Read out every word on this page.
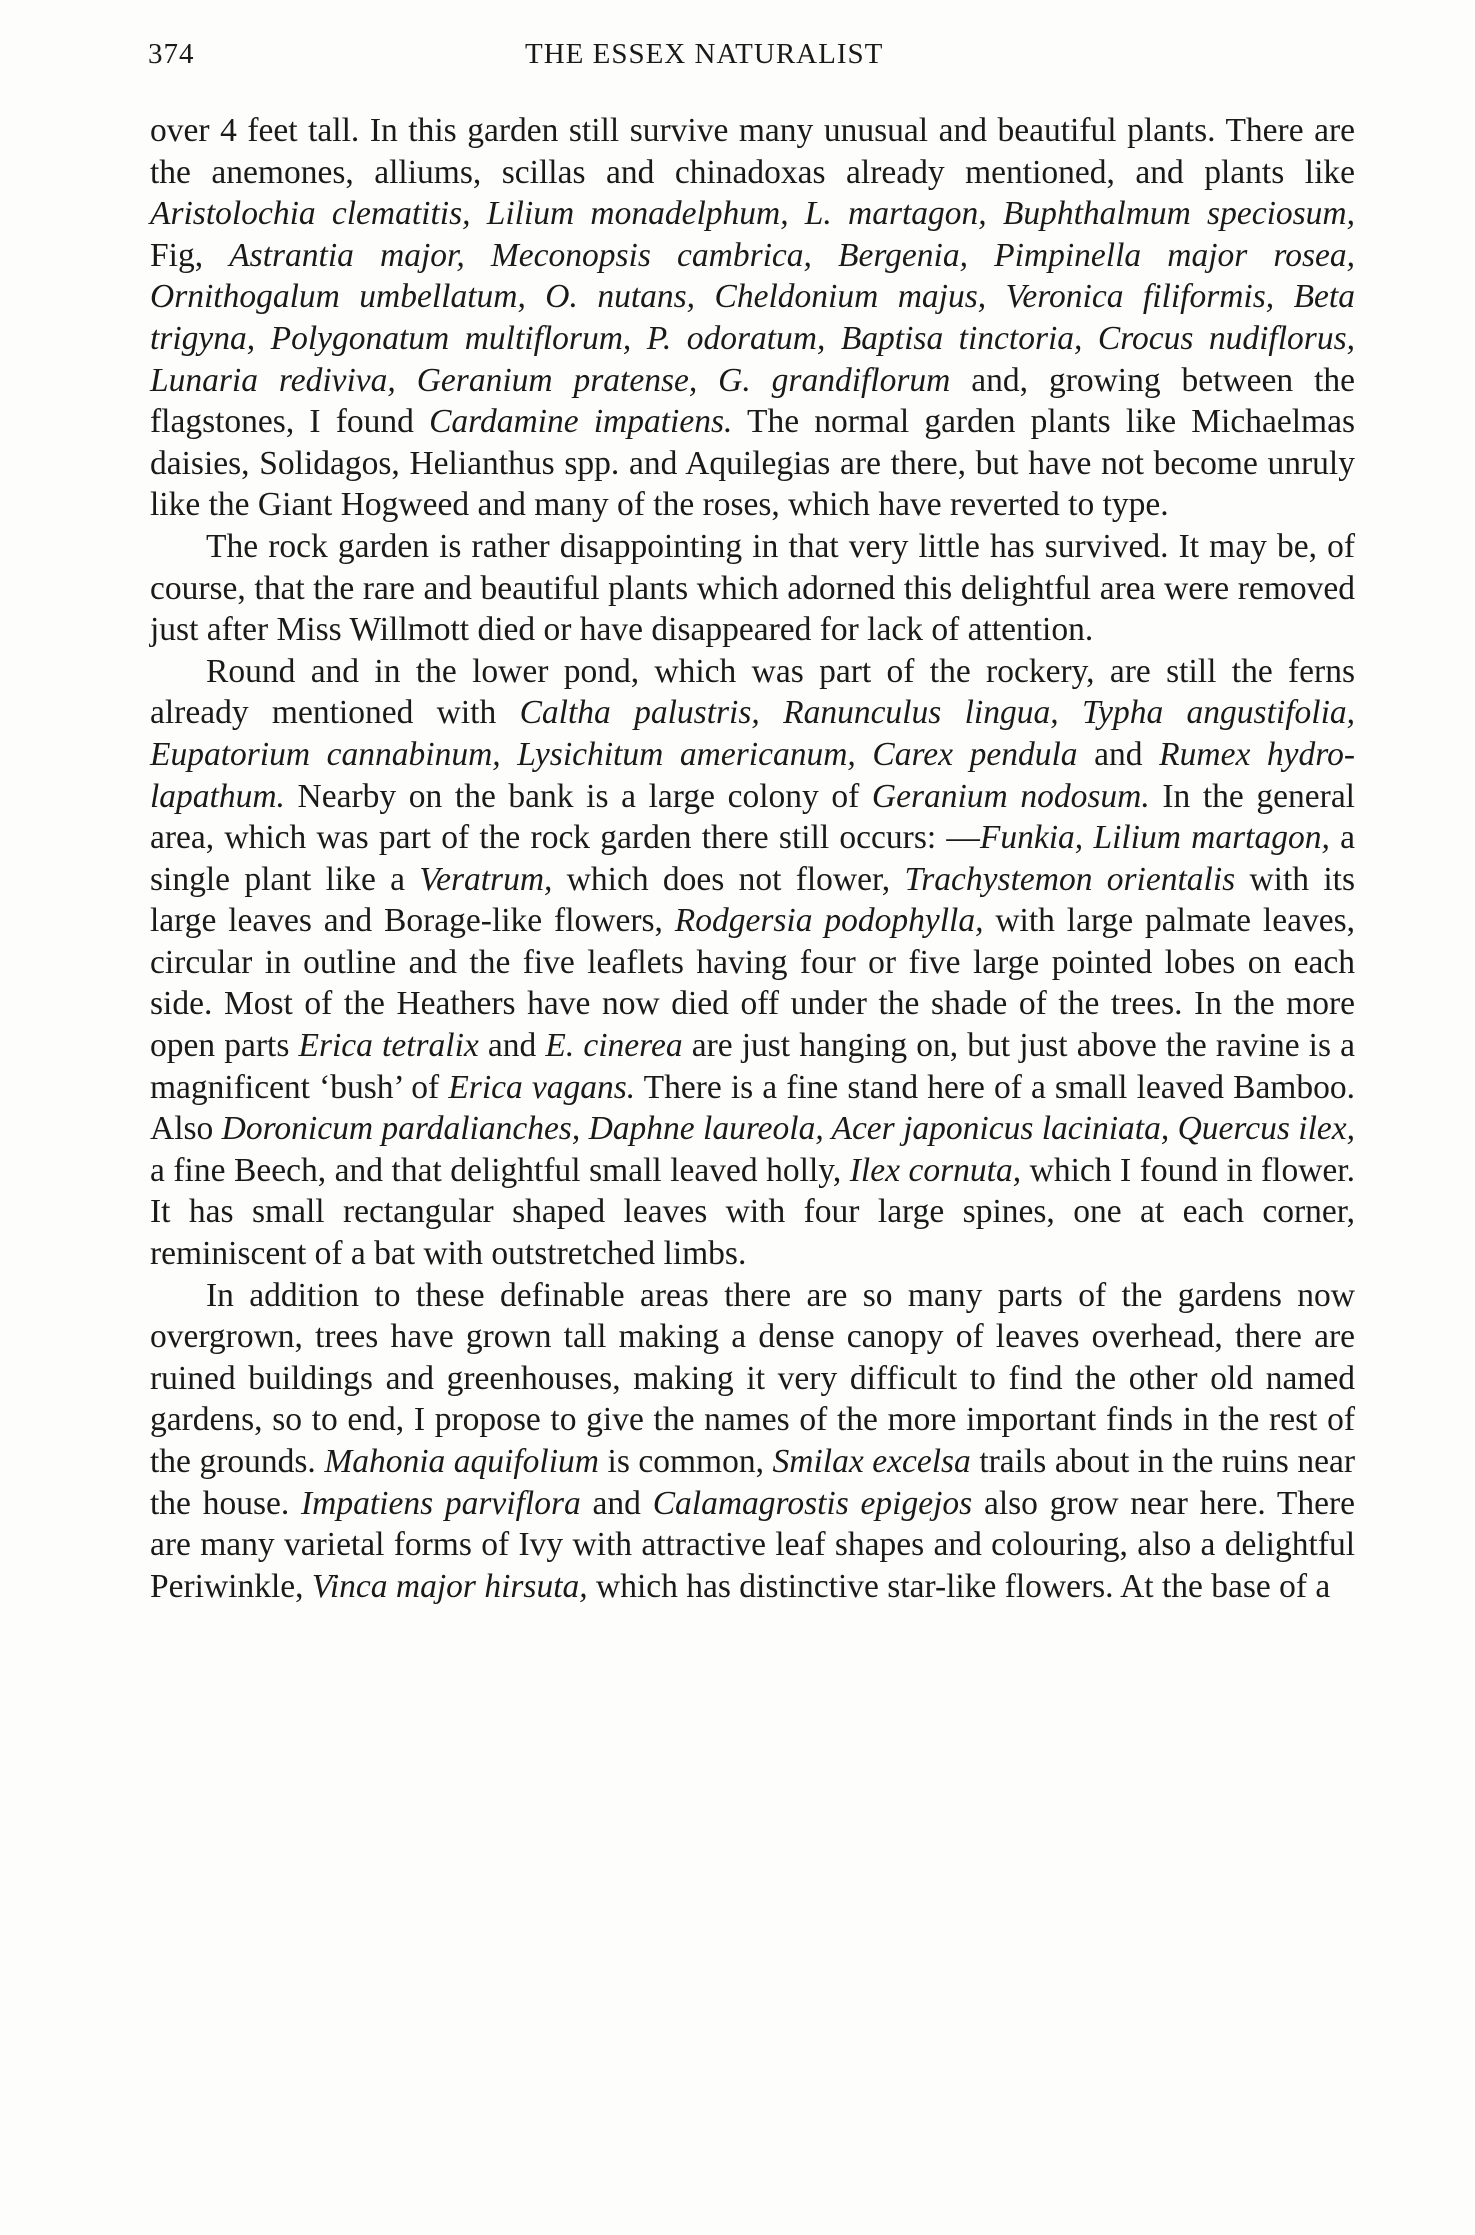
374	THE ESSEX NATURALIST

over 4 feet tall. In this garden still survive many unusual and beautiful plants. There are the anemones, alliums, scillas and chinadoxas already mentioned, and plants like Aristolochia clematitis, Lilium monadelphum, L. martagon, Buphthalmum speciosum, Fig, Astrantia major, Meconopsis cambrica, Bergenia, Pimpinella major rosea, Ornithogalum umbellatum, O. nutans, Cheldonium majus, Veronica filiformis, Beta trigyna, Polygonatum multiflorum, P. odoratum, Baptisa tinctoria, Crocus nudiflorus, Lunaria rediviva, Geranium pratense, G. grandiflorum and, growing between the flagstones, I found Cardamine impatiens. The normal garden plants like Michaelmas daisies, Solidagos, Helianthus spp. and Aquilegias are there, but have not become unruly like the Giant Hogweed and many of the roses, which have reverted to type.

The rock garden is rather disappointing in that very little has survived. It may be, of course, that the rare and beautiful plants which adorned this delightful area were removed just after Miss Willmott died or have disappeared for lack of attention.

Round and in the lower pond, which was part of the rockery, are still the ferns already mentioned with Caltha palustris, Ranunculus lingua, Typha angustifolia, Eupatorium cannabinum, Lysichitum americanum, Carex pendula and Rumex hydrolapathum. Nearby on the bank is a large colony of Geranium nodosum. In the general area, which was part of the rock garden there still occurs: —Funkia, Lilium martagon, a single plant like a Veratrum, which does not flower, Trachystemon orientalis with its large leaves and Borage-like flowers, Rodgersia podophylla, with large palmate leaves, circular in outline and the five leaflets having four or five large pointed lobes on each side. Most of the Heathers have now died off under the shade of the trees. In the more open parts Erica tetralix and E. cinerea are just hanging on, but just above the ravine is a magnificent ‘bush’ of Erica vagans. There is a fine stand here of a small leaved Bamboo. Also Doronicum pardalianches, Daphne laureola, Acer japonicus laciniata, Quercus ilex, a fine Beech, and that delightful small leaved holly, Ilex cornuta, which I found in flower. It has small rectangular shaped leaves with four large spines, one at each corner, reminiscent of a bat with outstretched limbs.

In addition to these definable areas there are so many parts of the gardens now overgrown, trees have grown tall making a dense canopy of leaves overhead, there are ruined buildings and greenhouses, making it very difficult to find the other old named gardens, so to end, I propose to give the names of the more important finds in the rest of the grounds. Mahonia aquifolium is common, Smilax excelsa trails about in the ruins near the house. Impatiens parviflora and Calamagrostis epigejos also grow near here. There are many varietal forms of Ivy with attractive leaf shapes and colouring, also a delightful Periwinkle, Vinca major hirsuta, which has distinctive star-like flowers. At the base of a
